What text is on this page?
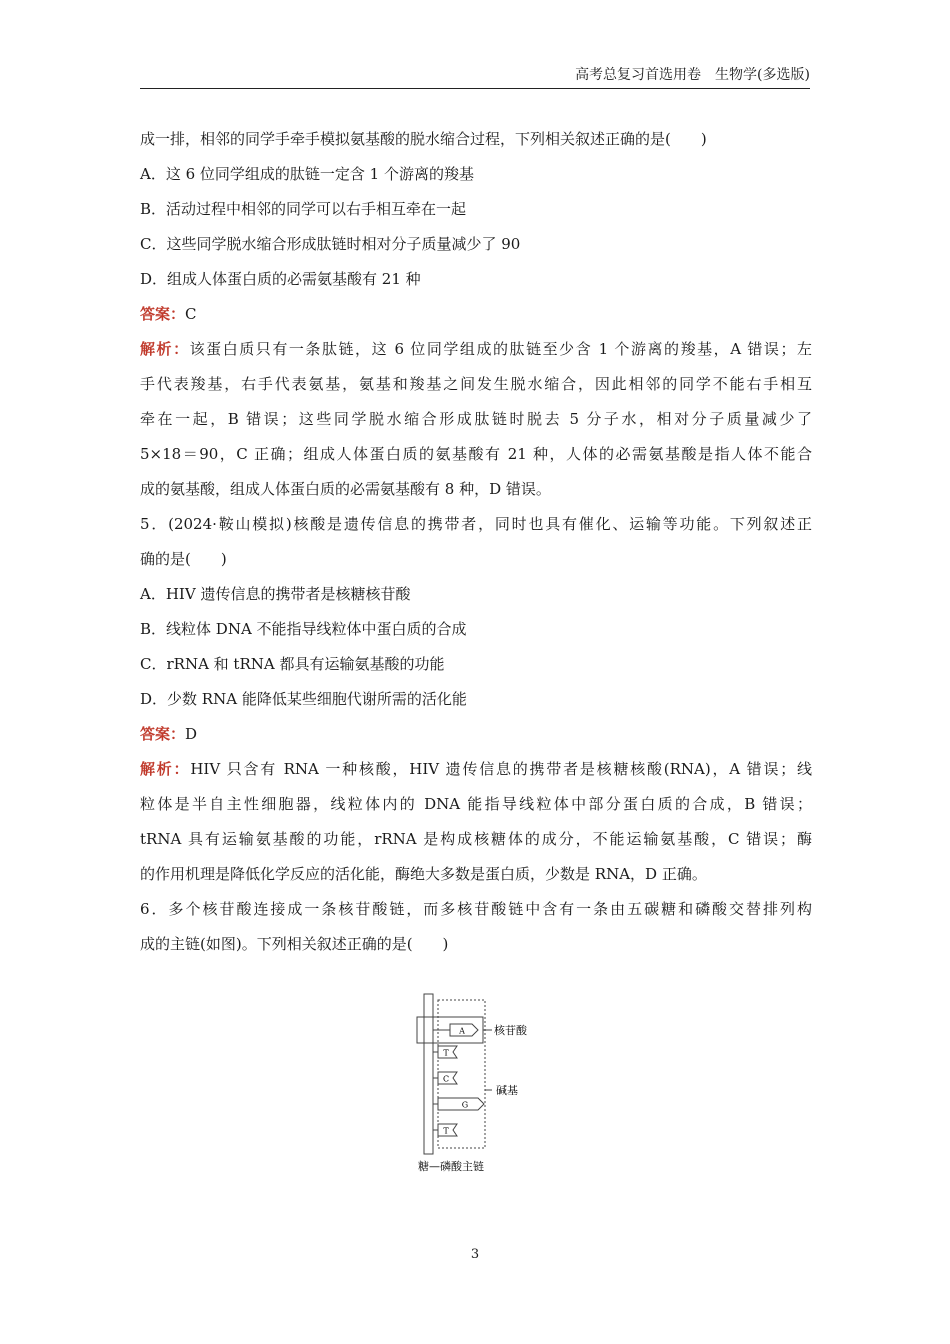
高考总复习首选用卷　生物学(多选版)
成一排，相邻的同学手牵手模拟氨基酸的脱水缩合过程，下列相关叙述正确的是(　　)
A．这 6 位同学组成的肽链一定含 1 个游离的羧基
B．活动过程中相邻的同学可以右手相互牵在一起
C．这些同学脱水缩合形成肽链时相对分子质量减少了 90
D．组成人体蛋白质的必需氨基酸有 21 种
答案：C
解析：该蛋白质只有一条肽链，这 6 位同学组成的肽链至少含 1 个游离的羧基，A 错误；左
手代表羧基，右手代表氨基，氨基和羧基之间发生脱水缩合，因此相邻的同学不能右手相互
牵在一起，B 错误；这些同学脱水缩合形成肽链时脱去 5 分子水，相对分子质量减少了
5×18＝90，C 正确；组成人体蛋白质的氨基酸有 21 种，人体的必需氨基酸是指人体不能合
成的氨基酸，组成人体蛋白质的必需氨基酸有 8 种，D 错误。
5．(2024·鞍山模拟)核酸是遗传信息的携带者，同时也具有催化、运输等功能。下列叙述正
确的是(　　)
A．HIV 遗传信息的携带者是核糖核苷酸
B．线粒体 DNA 不能指导线粒体中蛋白质的合成
C．rRNA 和 tRNA 都具有运输氨基酸的功能
D．少数 RNA 能降低某些细胞代谢所需的活化能
答案：D
解析：HIV 只含有 RNA 一种核酸，HIV 遗传信息的携带者是核糖核酸(RNA)，A 错误；线
粒体是半自主性细胞器，线粒体内的 DNA 能指导线粒体中部分蛋白质的合成，B 错误；
tRNA 具有运输氨基酸的功能，rRNA 是构成核糖体的成分，不能运输氨基酸，C 错误；酶
的作用机理是降低化学反应的活化能，酶绝大多数是蛋白质，少数是 RNA，D 正确。
6．多个核苷酸连接成一条核苷酸链，而多核苷酸链中含有一条由五碳糖和磷酸交替排列构
成的主链(如图)。下列相关叙述正确的是(　　)
A
T
C
G
T
核苷酸
碱基
糖—磷酸主链
3
